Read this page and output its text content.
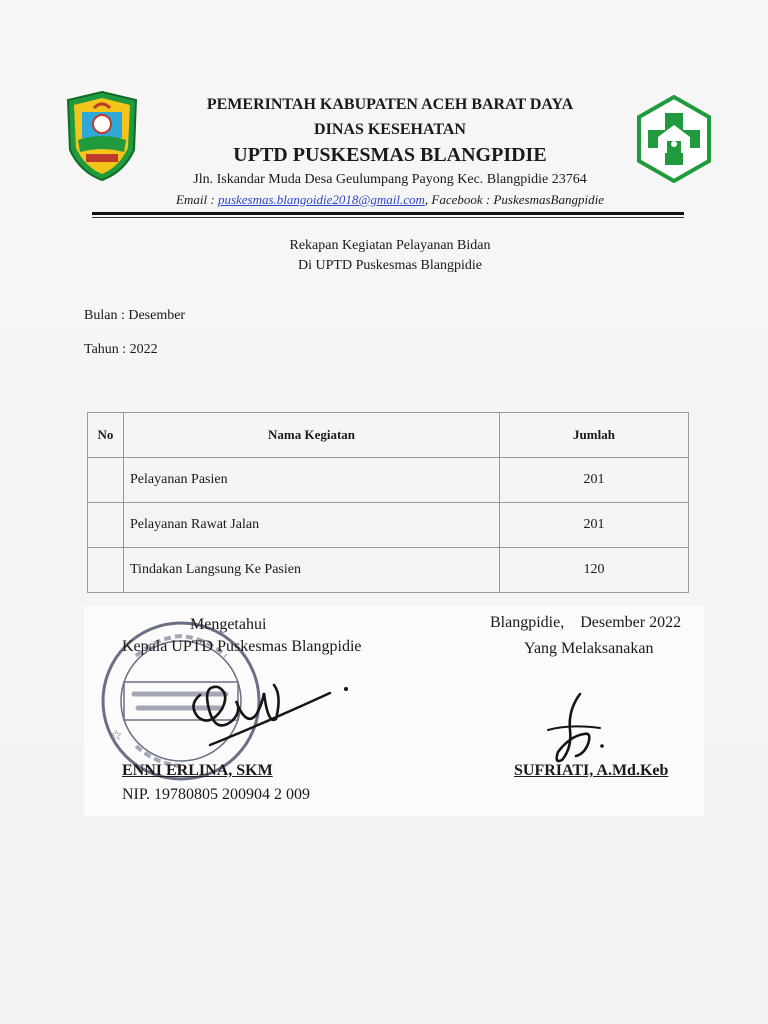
PEMERINTAH KABUPATEN ACEH BARAT DAYA
DINAS KESEHATAN
UPTD PUSKESMAS BLANGPIDIE
Jln. Iskandar Muda Desa Geulumpang Payong Kec. Blangpidie 23764
Email : puskesmas.blangoidie2018@gmail.com, Facebook : PuskesmasBangpidie
Rekapan Kegiatan Pelayanan Bidan
Di UPTD Puskesmas Blangpidie
Bulan : Desember
Tahun : 2022
No	Nama Kegiatan	Jumlah
	Pelayanan Pasien	201
	Pelayanan Rawat Jalan	201
	Tindakan Langsung Ke Pasien	120
☆
Mengetahui
Kepala UPTD Puskesmas Blangpidie
ENNI ERLINA, SKM
NIP. 19780805 200904 2 009
Blangpidie,    Desember 2022
Yang Melaksanakan
SUFRIATI, A.Md.Keb
